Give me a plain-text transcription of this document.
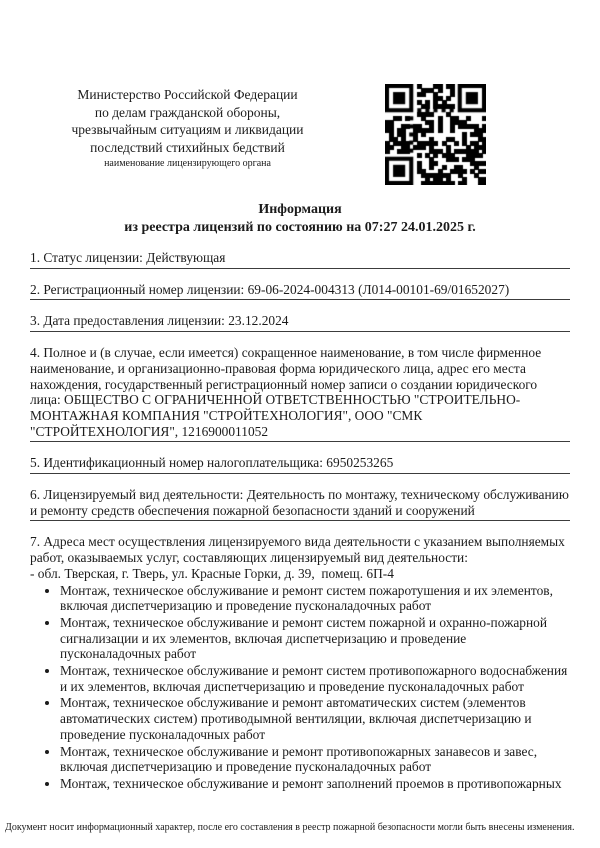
Министерство Российской Федерации
по делам гражданской обороны,
чрезвычайным ситуациям и ликвидации
последствий стихийных бедствий
наименование лицензирующего органа
Информация
из реестра лицензий по состоянию на 07:27 24.01.2025 г.
1. Статус лицензии: Действующая
2. Регистрационный номер лицензии: 69-06-2024-004313 (Л014-00101-69/01652027)
3. Дата предоставления лицензии: 23.12.2024
4. Полное и (в случае, если имеется) сокращенное наименование, в том числе фирменное наименование, и организационно-правовая форма юридического лица, адрес его места нахождения, государственный регистрационный номер записи о создании юридического лица: ОБЩЕСТВО С ОГРАНИЧЕННОЙ ОТВЕТСТВЕННОСТЬЮ "СТРОИТЕЛЬНО-МОНТАЖНАЯ КОМПАНИЯ "СТРОЙТЕХНОЛОГИЯ", ООО "СМК "СТРОЙТЕХНОЛОГИЯ", 1216900011052
5. Идентификационный номер налогоплательщика: 6950253265
6. Лицензируемый вид деятельности: Деятельность по монтажу, техническому обслуживанию и ремонту средств обеспечения пожарной безопасности зданий и сооружений
7. Адреса мест осуществления лицензируемого вида деятельности с указанием выполняемых работ, оказываемых услуг, составляющих лицензируемый вид деятельности:
- обл. Тверская, г. Тверь, ул. Красные Горки, д. 39,  помещ. 6П-4
• Монтаж, техническое обслуживание и ремонт систем пожаротушения и их элементов, включая диспетчеризацию и проведение пусконаладочных работ
• Монтаж, техническое обслуживание и ремонт систем пожарной и охранно-пожарной сигнализации и их элементов, включая диспетчеризацию и проведение пусконаладочных работ
• Монтаж, техническое обслуживание и ремонт систем противопожарного водоснабжения и их элементов, включая диспетчеризацию и проведение пусконаладочных работ
• Монтаж, техническое обслуживание и ремонт автоматических систем (элементов автоматических систем) противодымной вентиляции, включая диспетчеризацию и проведение пусконаладочных работ
• Монтаж, техническое обслуживание и ремонт противопожарных занавесов и завес, включая диспетчеризацию и проведение пусконаладочных работ
• Монтаж, техническое обслуживание и ремонт заполнений проемов в противопожарных
Документ носит информационный характер, после его составления в реестр пожарной безопасности могли быть внесены изменения.
